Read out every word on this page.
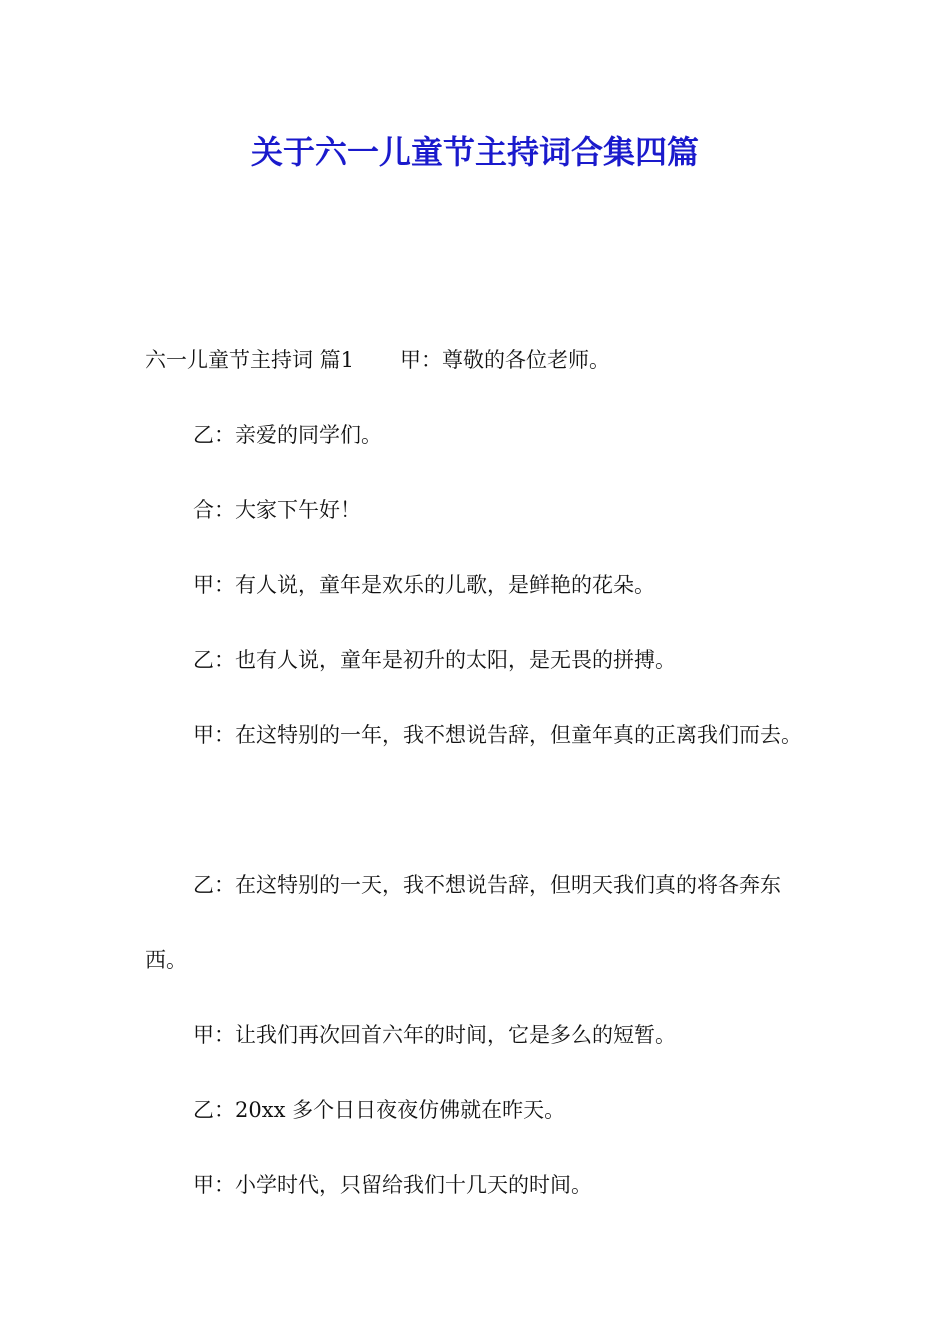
关于六一儿童节主持词合集四篇

六一儿童节主持词 篇1 甲：尊敬的各位老师。

乙：亲爱的同学们。

合：大家下午好！

甲：有人说，童年是欢乐的儿歌，是鲜艳的花朵。

乙：也有人说，童年是初升的太阳，是无畏的拼搏。

甲：在这特别的一年，我不想说告辞，但童年真的正离我们而去。

乙：在这特别的一天，我不想说告辞，但明天我们真的将各奔东西。

甲：让我们再次回首六年的时间，它是多么的短暂。

乙：20xx 多个日日夜夜仿佛就在昨天。

甲：小学时代，只留给我们十几天的时间。
